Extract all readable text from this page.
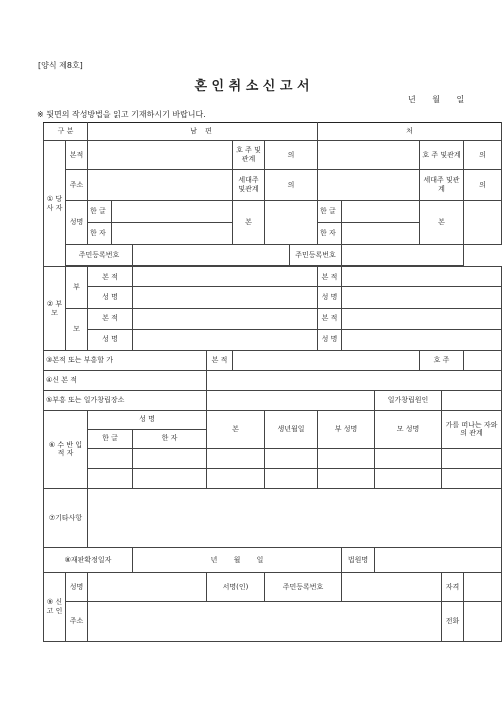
[양식 제8호]
혼 인 취 소 신 고 서
년 월 일
※ 뒷면의 작성방법을 읽고 기재하시기 바랍니다.
구 분		남 편							처					
① 당 사 자	본적					호 주 및관계	의					호 주 및관계		의
	주소					세대주 및관계	의					세대주 및관계		의
	성명	한 글				본			한 글			본		
		한 자							한 자					
	주민등록번호							주민등록번호						

② 부 모	부	본 적							본 적					
		성 명							성 명					
	모	본 적							본 적					
		성 명							성 명					
③본적 또는 부흥할 가					본 적							호 주		
④신 본 적														
⑤부흥 또는 일가창립장소											일가창립원인			
⑥ 수 반 입 적 자		성 명			본		생년월일		부 성명		모 성명		가를 떠나는 자와의 관계	
		한 글		한 자										

⑦기타사항														
⑧재판확정일자				년 월 일						법원명				
⑨ 신 고 인	성명				서명(인)		주민등록번호						자격	
	주소												전화	
